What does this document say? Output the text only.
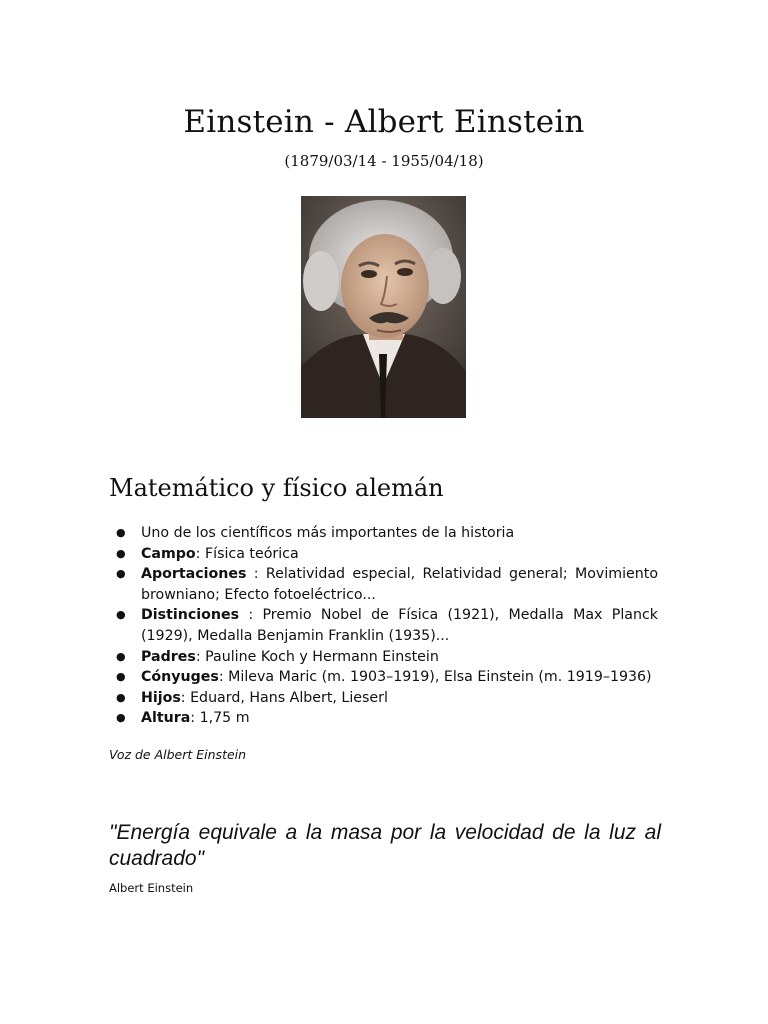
Einstein - Albert Einstein
(1879/03/14 - 1955/04/18)
Matemático y físico alemán
● Uno de los científicos más importantes de la historia
● Campo: Física teórica
● Aportaciones : Relatividad especial, Relatividad general; Movimiento browniano; Efecto fotoeléctrico...
● Distinciones : Premio Nobel de Física (1921), Medalla Max Planck (1929), Medalla Benjamin Franklin (1935)...
● Padres: Pauline Koch y Hermann Einstein
● Cónyuges: Mileva Maric (m. 1903–1919), Elsa Einstein (m. 1919–1936)
● Hijos: Eduard, Hans Albert, Lieserl
● Altura: 1,75 m
Voz de Albert Einstein
"Energía equivale a la masa por la velocidad de la luz al cuadrado"
Albert Einstein
